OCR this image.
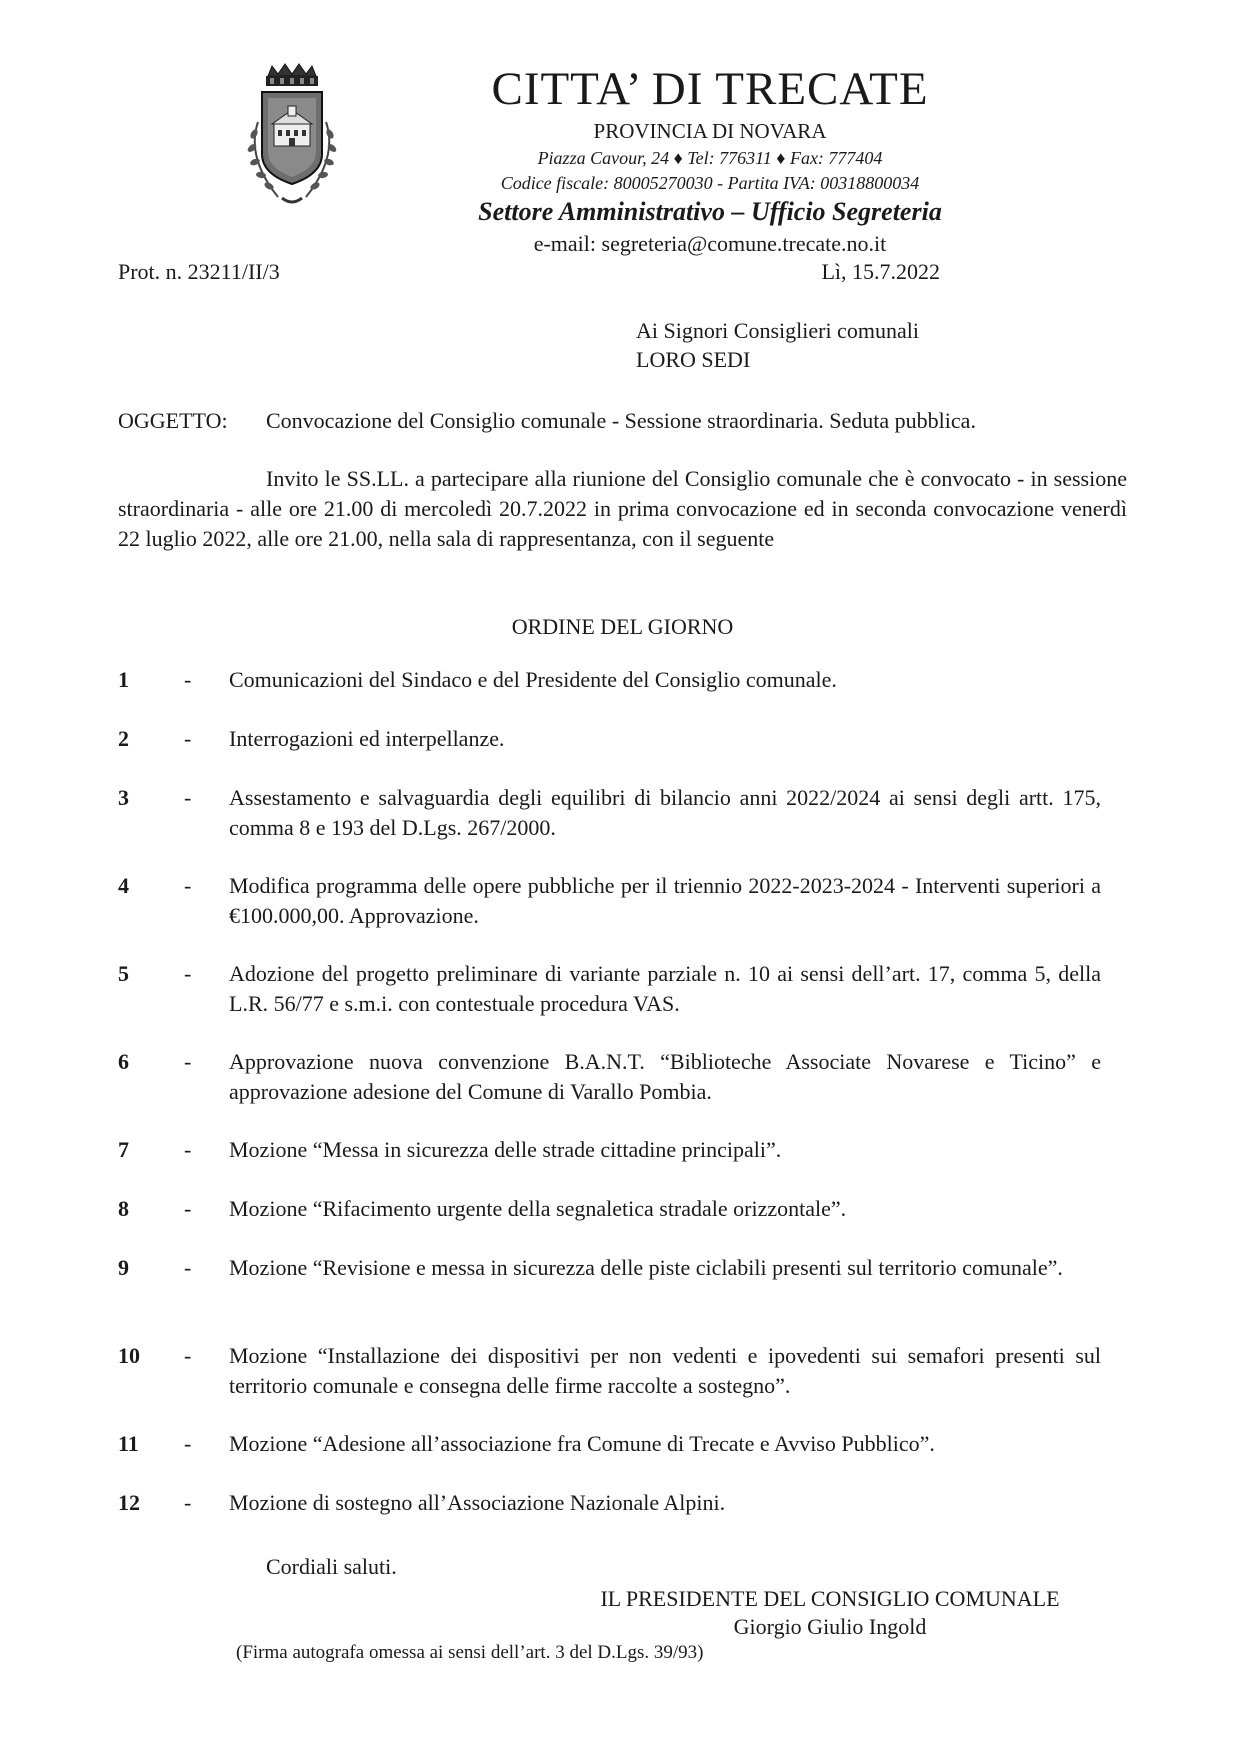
CITTA’ DI TRECATE
PROVINCIA DI NOVARA
Piazza Cavour, 24 ♦ Tel: 776311 ♦ Fax: 777404
Codice fiscale: 80005270030 - Partita IVA: 00318800034
Settore Amministrativo – Ufficio Segreteria
e-mail: segreteria@comune.trecate.no.it
Prot. n. 23211/II/3	Lì, 15.7.2022
Ai Signori Consiglieri comunali
LORO SEDI
OGGETTO: Convocazione del Consiglio comunale - Sessione straordinaria. Seduta pubblica.
Invito le SS.LL. a partecipare alla riunione del Consiglio comunale che è convocato - in sessione straordinaria - alle ore 21.00 di mercoledì 20.7.2022 in prima convocazione ed in seconda convocazione venerdì 22 luglio 2022, alle ore 21.00, nella sala di rappresentanza, con il seguente
ORDINE DEL GIORNO
1	-	Comunicazioni del Sindaco e del Presidente del Consiglio comunale.
2	-	Interrogazioni ed interpellanze.
3	-	Assestamento e salvaguardia degli equilibri di bilancio anni 2022/2024 ai sensi degli artt. 175, comma 8 e 193 del D.Lgs. 267/2000.
4	-	Modifica programma delle opere pubbliche per il triennio 2022-2023-2024 - Interventi superiori a €100.000,00. Approvazione.
5	-	Adozione del progetto preliminare di variante parziale n. 10 ai sensi dell’art. 17, comma 5, della L.R. 56/77 e s.m.i. con contestuale procedura VAS.
6	-	Approvazione nuova convenzione B.A.N.T. “Biblioteche Associate Novarese e Ticino” e approvazione adesione del Comune di Varallo Pombia.
7	-	Mozione “Messa in sicurezza delle strade cittadine principali”.
8	-	Mozione “Rifacimento urgente della segnaletica stradale orizzontale”.
9	-	Mozione “Revisione e messa in sicurezza delle piste ciclabili presenti sul territorio comunale”.
10	-	Mozione “Installazione dei dispositivi per non vedenti e ipovedenti sui semafori presenti sul territorio comunale e consegna delle firme raccolte a sostegno”.
11	-	Mozione “Adesione all’associazione fra Comune di Trecate e Avviso Pubblico”.
12	-	Mozione di sostegno all’Associazione Nazionale Alpini.
Cordiali saluti.
IL PRESIDENTE DEL CONSIGLIO COMUNALE
Giorgio Giulio Ingold
(Firma autografa omessa ai sensi dell’art. 3 del D.Lgs. 39/93)
